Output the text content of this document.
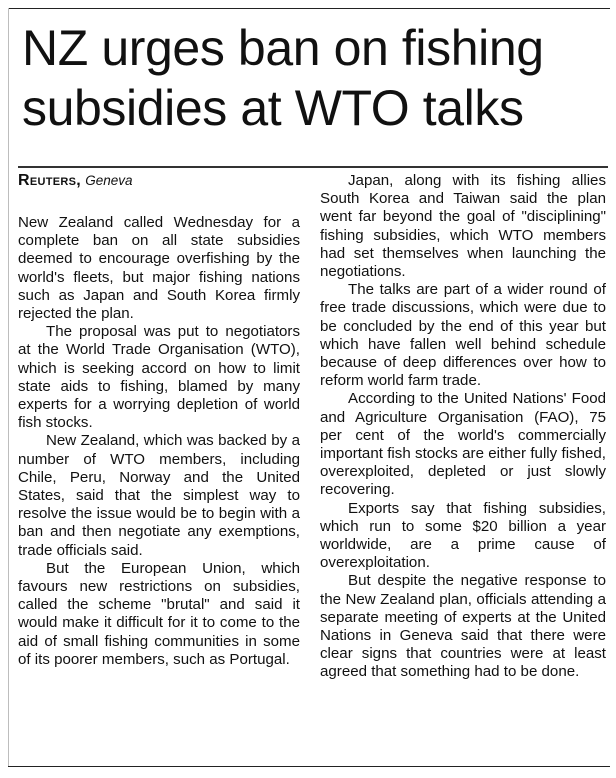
NZ urges ban on fishing
subsidies at WTO talks
Reuters, Geneva

New Zealand called Wednesday for a complete ban on all state subsidies deemed to encourage overfishing by the world's fleets, but major fishing nations such as Japan and South Korea firmly rejected the plan.

The proposal was put to negotiators at the World Trade Organisation (WTO), which is seeking accord on how to limit state aids to fishing, blamed by many experts for a worrying depletion of world fish stocks.

New Zealand, which was backed by a number of WTO members, including Chile, Peru, Norway and the United States, said that the simplest way to resolve the issue would be to begin with a ban and then negotiate any exemptions, trade officials said.

But the European Union, which favours new restrictions on subsidies, called the scheme "brutal" and said it would make it difficult for it to come to the aid of small fishing communities in some of its poorer members, such as Portugal.

Japan, along with its fishing allies South Korea and Taiwan said the plan went far beyond the goal of "disciplining" fishing subsidies, which WTO members had set themselves when launching the negotiations.

The talks are part of a wider round of free trade discussions, which were due to be concluded by the end of this year but which have fallen well behind schedule because of deep differences over how to reform world farm trade.

According to the United Nations' Food and Agriculture Organisation (FAO), 75 per cent of the world's commercially important fish stocks are either fully fished, overexploited, depleted or just slowly recovering.

Exports say that fishing subsidies, which run to some $20 billion a year worldwide, are a prime cause of overexploitation.

But despite the negative response to the New Zealand plan, officials attending a separate meeting of experts at the United Nations in Geneva said that there were clear signs that countries were at least agreed that something had to be done.
